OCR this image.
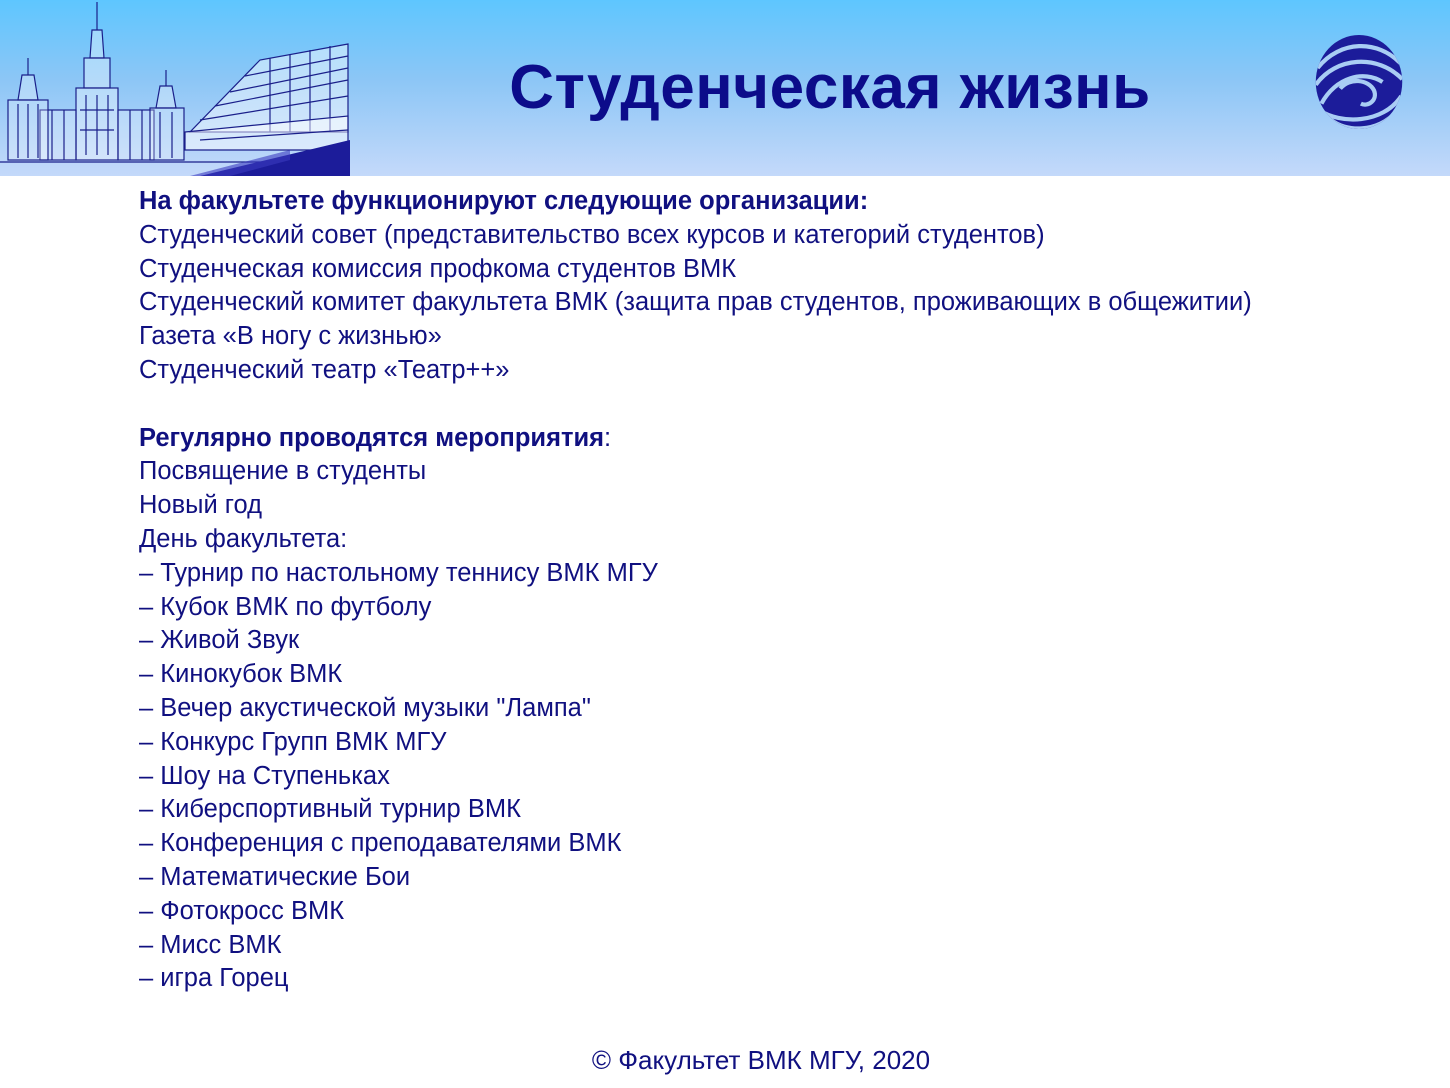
Студенческая жизнь
На факультете функционируют следующие организации:
Студенческий совет (представительство всех курсов и категорий студентов)
Студенческая комиссия профкома студентов ВМК
Студенческий комитет факультета ВМК (защита прав студентов, проживающих в общежитии)
Газета «В ногу с жизнью»
Студенческий театр «Театр++»
Регулярно проводятся мероприятия:
Посвящение в студенты
Новый год
День факультета:
– Турнир по настольному теннису ВМК МГУ
– Кубок ВМК по футболу
– Живой Звук
– Кинокубок ВМК
– Вечер акустической музыки "Лампа"
– Конкурс Групп ВМК МГУ
– Шоу на Ступеньках
– Киберспортивный турнир ВМК
– Конференция с преподавателями ВМК
– Математические Бои
– Фотокросс ВМК
– Мисс ВМК
– игра Горец
© Факультет ВМК МГУ, 2020
